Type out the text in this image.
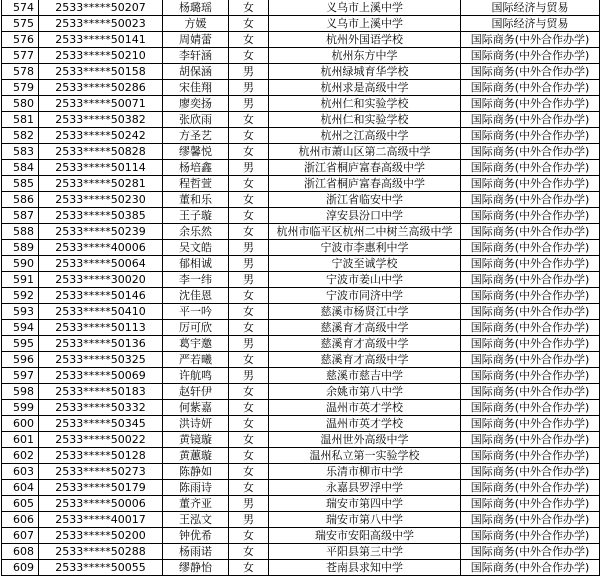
574	2533*****50207	杨璐瑶	女	义乌市上溪中学	国际经济与贸易
575	2533*****50023	方媛	女	义乌市上溪中学	国际经济与贸易
576	2533*****50141	周婧蕾	女	杭州外国语学校	国际商务(中外合作办学)
577	2533*****50210	李轩涵	女	杭州东方中学	国际商务(中外合作办学)
578	2533*****50158	胡保涵	男	杭州绿城育华学校	国际商务(中外合作办学)
579	2533*****50286	宋佳翔	男	杭州求是高级中学	国际商务(中外合作办学)
580	2533*****50071	廖奕扬	男	杭州仁和实验学校	国际商务(中外合作办学)
581	2533*****50382	张欣雨	女	杭州仁和实验学校	国际商务(中外合作办学)
582	2533*****50242	方圣艺	女	杭州之江高级中学	国际商务(中外合作办学)
583	2533*****50828	缪馨悦	女	杭州市萧山区第二高级中学	国际商务(中外合作办学)
584	2533*****50114	杨培鑫	男	浙江省桐庐富春高级中学	国际商务(中外合作办学)
585	2533*****50281	程哲萱	女	浙江省桐庐富春高级中学	国际商务(中外合作办学)
586	2533*****50230	董和乐	女	浙江省临安中学	国际商务(中外合作办学)
587	2533*****50385	王子璇	女	淳安县汾口中学	国际商务(中外合作办学)
588	2533*****50239	余乐然	女	杭州市临平区杭州二中树兰高级中学	国际商务(中外合作办学)
589	2533*****40006	吴文皓	男	宁波市李惠利中学	国际商务(中外合作办学)
590	2533*****50064	郁相诚	男	宁波至诚学校	国际商务(中外合作办学)
591	2533*****30020	李一纬	男	宁波市姜山中学	国际商务(中外合作办学)
592	2533*****50146	沈佳恩	女	宁波市同济中学	国际商务(中外合作办学)
593	2533*****50410	平一吟	女	慈溪市杨贤江中学	国际商务(中外合作办学)
594	2533*****50113	厉可欣	女	慈溪育才高级中学	国际商务(中外合作办学)
595	2533*****50136	葛宇邀	男	慈溪育才高级中学	国际商务(中外合作办学)
596	2533*****50325	严若曦	女	慈溪育才高级中学	国际商务(中外合作办学)
597	2533*****50069	许航鸣	男	慈溪市慈吉中学	国际商务(中外合作办学)
598	2533*****50183	赵轩伊	女	余姚市第八中学	国际商务(中外合作办学)
599	2533*****50332	何紫嘉	女	温州市英才学校	国际商务(中外合作办学)
600	2533*****50345	洪诗妍	女	温州市英才学校	国际商务(中外合作办学)
601	2533*****50022	黄镜璇	女	温州世外高级中学	国际商务(中外合作办学)
602	2533*****50128	黄蕙璇	女	温州私立第一实验学校	国际商务(中外合作办学)
603	2533*****50273	陈静如	女	乐清市柳市中学	国际商务(中外合作办学)
604	2533*****50179	陈雨诗	女	永嘉县罗浮中学	国际商务(中外合作办学)
605	2533*****50006	董齐亚	男	瑞安市第四中学	国际商务(中外合作办学)
606	2533*****40017	王泓文	男	瑞安市第八中学	国际商务(中外合作办学)
607	2533*****50200	钟优希	女	瑞安市安阳高级中学	国际商务(中外合作办学)
608	2533*****50288	杨雨诺	女	平阳县第三中学	国际商务(中外合作办学)
609	2533*****50055	缪静怡	女	苍南县求知中学	国际商务(中外合作办学)
